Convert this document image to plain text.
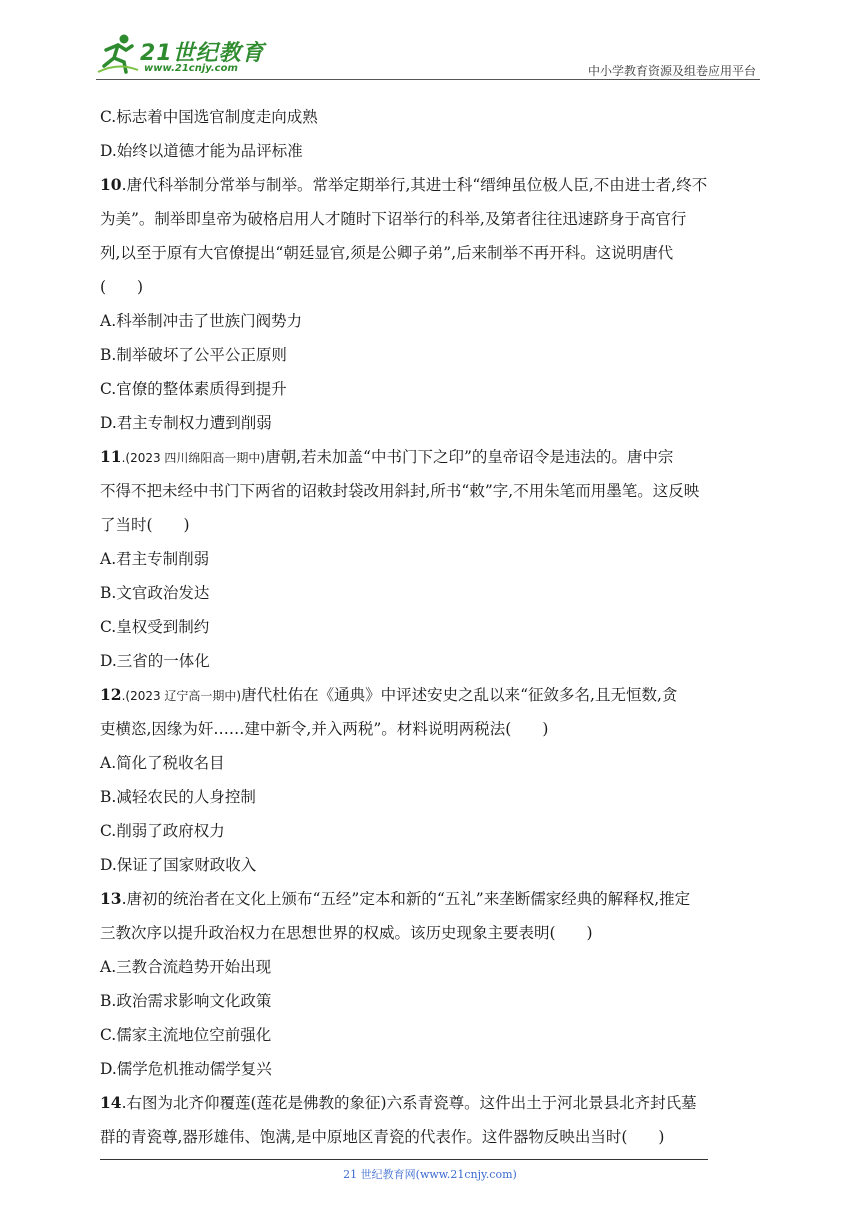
21世纪教育
www.21cnjy.com	中小学教育资源及组卷应用平台
C.标志着中国选官制度走向成熟
D.始终以道德才能为品评标准
10.唐代科举制分常举与制举。常举定期举行,其进士科“缙绅虽位极人臣,不由进士者,终不
为美”。制举即皇帝为破格启用人才随时下诏举行的科举,及第者往往迅速跻身于高官行
列,以至于原有大官僚提出“朝廷显官,须是公卿子弟”,后来制举不再开科。这说明唐代
(　　)
A.科举制冲击了世族门阀势力
B.制举破坏了公平公正原则
C.官僚的整体素质得到提升
D.君主专制权力遭到削弱
11.(2023 四川绵阳高一期中)唐朝,若未加盖“中书门下之印”的皇帝诏令是违法的。唐中宗
不得不把未经中书门下两省的诏敕封袋改用斜封,所书“敕”字,不用朱笔而用墨笔。这反映
了当时(　　)
A.君主专制削弱
B.文官政治发达
C.皇权受到制约
D.三省的一体化
12.(2023 辽宁高一期中)唐代杜佑在《通典》中评述安史之乱以来“征敛多名,且无恒数,贪
吏横恣,因缘为奸……建中新令,并入两税”。材料说明两税法(　　)
A.简化了税收名目
B.减轻农民的人身控制
C.削弱了政府权力
D.保证了国家财政收入
13.唐初的统治者在文化上颁布“五经”定本和新的“五礼”来垄断儒家经典的解释权,推定
三教次序以提升政治权力在思想世界的权威。该历史现象主要表明(　　)
A.三教合流趋势开始出现
B.政治需求影响文化政策
C.儒家主流地位空前强化
D.儒学危机推动儒学复兴
14.右图为北齐仰覆莲(莲花是佛教的象征)六系青瓷尊。这件出土于河北景县北齐封氏墓
群的青瓷尊,器形雄伟、饱满,是中原地区青瓷的代表作。这件器物反映出当时(　　)
21 世纪教育网(www.21cnjy.com)
